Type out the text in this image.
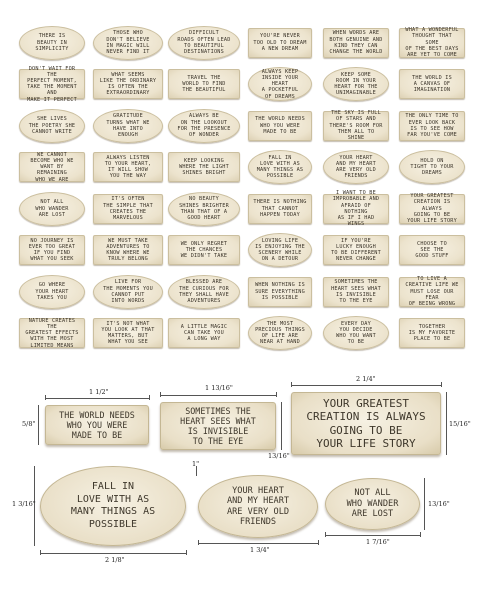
THERE IS
BEAUTY IN
SIMPLICITY
THOSE WHO
DON'T BELIEVE
IN MAGIC WILL
NEVER FIND IT
DIFFICULT
ROADS OFTEN LEAD
TO BEAUTIFUL
DESTINATIONS
YOU'RE NEVER
TOO OLD TO DREAM
A NEW DREAM
WHEN WORDS ARE
BOTH GENUINE AND
KIND THEY CAN
CHANGE THE WORLD
WHAT A WONDERFUL
THOUGHT THAT SOME
OF THE BEST DAYS
ARE YET TO COME
DON'T WAIT FOR THE
PERFECT MOMENT,
TAKE THE MOMENT AND
MAKE IT PERFECT
WHAT SEEMS
LIKE THE ORDINARY
IS OFTEN THE
EXTRAORDINARY
TRAVEL THE
WORLD TO FIND
THE BEAUTIFUL
ALWAYS KEEP
INSIDE YOUR HEART
A POCKETFUL
OF DREAMS
KEEP SOME
ROOM IN YOUR
HEART FOR THE
UNIMAGINABLE
THE WORLD IS
A CANVAS OF
IMAGINATION
SHE LIVES
THE POETRY SHE
CANNOT WRITE
GRATITUDE
TURNS WHAT WE
HAVE INTO
ENOUGH
ALWAYS BE
ON THE LOOKOUT
FOR THE PRESENCE
OF WONDER
THE WORLD NEEDS
WHO YOU WERE
MADE TO BE
THE SKY IS FULL
OF STARS AND
THERE'S ROOM FOR
THEM ALL TO SHINE
THE ONLY TIME TO
EVER LOOK BACK
IS TO SEE HOW
FAR YOU'VE COME
WE CANNOT
BECOME WHO WE
WANT BY REMAINING
WHO WE ARE
ALWAYS LISTEN
TO YOUR HEART,
IT WILL SHOW
YOU THE WAY
KEEP LOOKING
WHERE THE LIGHT
SHINES BRIGHT
FALL IN
LOVE WITH AS
MANY THINGS AS
POSSIBLE
YOUR HEART
AND MY HEART
ARE VERY OLD
FRIENDS
HOLD ON
TIGHT TO YOUR
DREAMS
NOT ALL
WHO WANDER
ARE LOST
IT'S OFTEN
THE SIMPLE THAT
CREATES THE
MARVELOUS
NO BEAUTY
SHINES BRIGHTER
THAN THAT OF A
GOOD HEART
THERE IS NOTHING
THAT CANNOT
HAPPEN TODAY
I WANT TO BE
IMPROBABLE AND
AFRAID OF NOTHING
AS IF I HAD WINGS
YOUR GREATEST
CREATION IS ALWAYS
GOING TO BE
YOUR LIFE STORY
NO JOURNEY IS
EVER TOO GREAT
IF YOU FIND
WHAT YOU SEEK
WE MUST TAKE
ADVENTURES TO
KNOW WHERE WE
TRULY BELONG
WE ONLY REGRET
THE CHANCES
WE DIDN'T TAKE
LOVING LIFE
IS ENJOYING THE
SCENERY WHILE
ON A DETOUR
IF YOU'RE
LUCKY ENOUGH
TO BE DIFFERENT
NEVER CHANGE
CHOOSE TO
SEE THE
GOOD STUFF
GO WHERE
YOUR HEART
TAKES YOU
LIVE FOR
THE MOMENTS YOU
CANNOT PUT
INTO WORDS
BLESSED ARE
THE CURIOUS FOR
THEY SHALL HAVE
ADVENTURES
WHEN NOTHING IS
SURE EVERYTHING
IS POSSIBLE
SOMETIMES THE
HEART SEES WHAT
IS INVISIBLE
TO THE EYE
TO LIVE A
CREATIVE LIFE WE
MUST LOSE OUR FEAR
OF BEING WRONG
NATURE CREATES THE
GREATEST EFFECTS
WITH THE MOST
LIMITED MEANS
IT'S NOT WHAT
YOU LOOK AT THAT
MATTERS, BUT
WHAT YOU SEE
A LITTLE MAGIC
CAN TAKE YOU
A LONG WAY
THE MOST
PRECIOUS THINGS
OF LIFE ARE
NEAR AT HAND
EVERY DAY
YOU DECIDE
WHO YOU WANT
TO BE
TOGETHER
IS MY FAVORITE
PLACE TO BE
THE WORLD NEEDS
WHO YOU WERE
MADE TO BE
SOMETIMES THE
HEART SEES WHAT
IS INVISIBLE
TO THE EYE
YOUR GREATEST
CREATION IS ALWAYS
GOING TO BE
YOUR LIFE STORY
FALL IN
LOVE WITH AS
MANY THINGS AS
POSSIBLE
YOUR HEART
AND MY HEART
ARE VERY OLD
FRIENDS
NOT ALL
WHO WANDER
ARE LOST
1 1/2"
5/8"
1 13/16"
13/16"
2 1/4"
15/16"
1 3/16"
2 1/8"
1"
1 3/4"
13/16"
1 7/16"
